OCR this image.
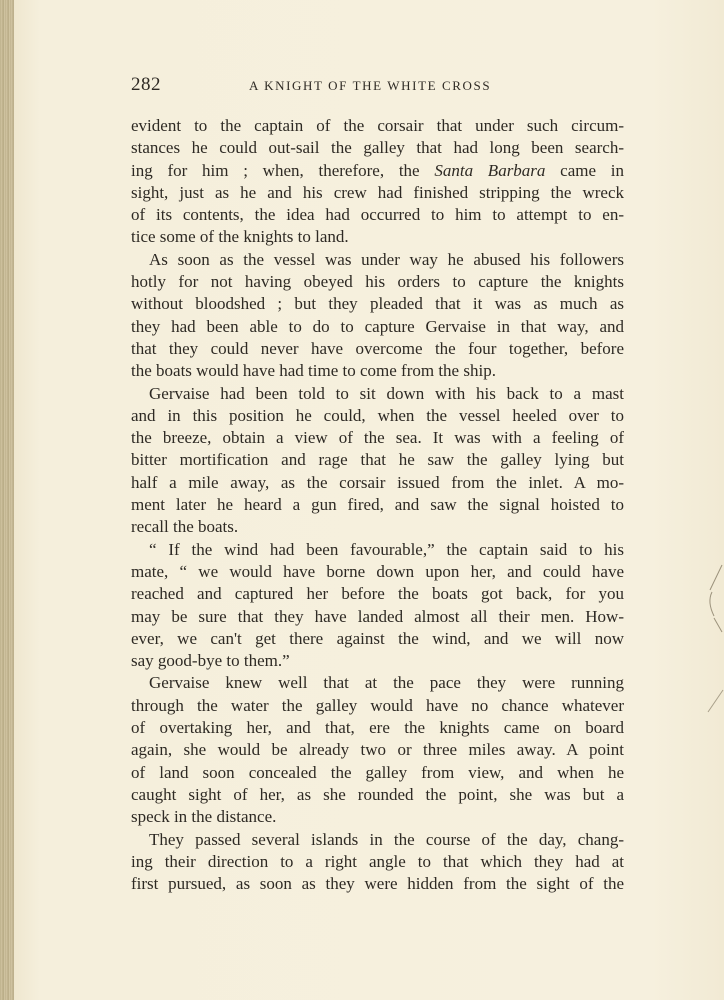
282	A KNIGHT OF THE WHITE CROSS
evident to the captain of the corsair that under such circum-
stances he could out-sail the galley that had long been search-
ing for him ; when, therefore, the Santa Barbara came in
sight, just as he and his crew had finished stripping the wreck
of its contents, the idea had occurred to him to attempt to en-
tice some of the knights to land.
As soon as the vessel was under way he abused his followers
hotly for not having obeyed his orders to capture the knights
without bloodshed ; but they pleaded that it was as much as
they had been able to do to capture Gervaise in that way, and
that they could never have overcome the four together, before
the boats would have had time to come from the ship.
Gervaise had been told to sit down with his back to a mast
and in this position he could, when the vessel heeled over to
the breeze, obtain a view of the sea. It was with a feeling of
bitter mortification and rage that he saw the galley lying but
half a mile away, as the corsair issued from the inlet. A mo-
ment later he heard a gun fired, and saw the signal hoisted to
recall the boats.
“ If the wind had been favourable,” the captain said to his
mate, “ we would have borne down upon her, and could have
reached and captured her before the boats got back, for you
may be sure that they have landed almost all their men. How-
ever, we can't get there against the wind, and we will now
say good-bye to them.”
Gervaise knew well that at the pace they were running
through the water the galley would have no chance whatever
of overtaking her, and that, ere the knights came on board
again, she would be already two or three miles away. A point
of land soon concealed the galley from view, and when he
caught sight of her, as she rounded the point, she was but a
speck in the distance.
They passed several islands in the course of the day, chang-
ing their direction to a right angle to that which they had at
first pursued, as soon as they were hidden from the sight of the
